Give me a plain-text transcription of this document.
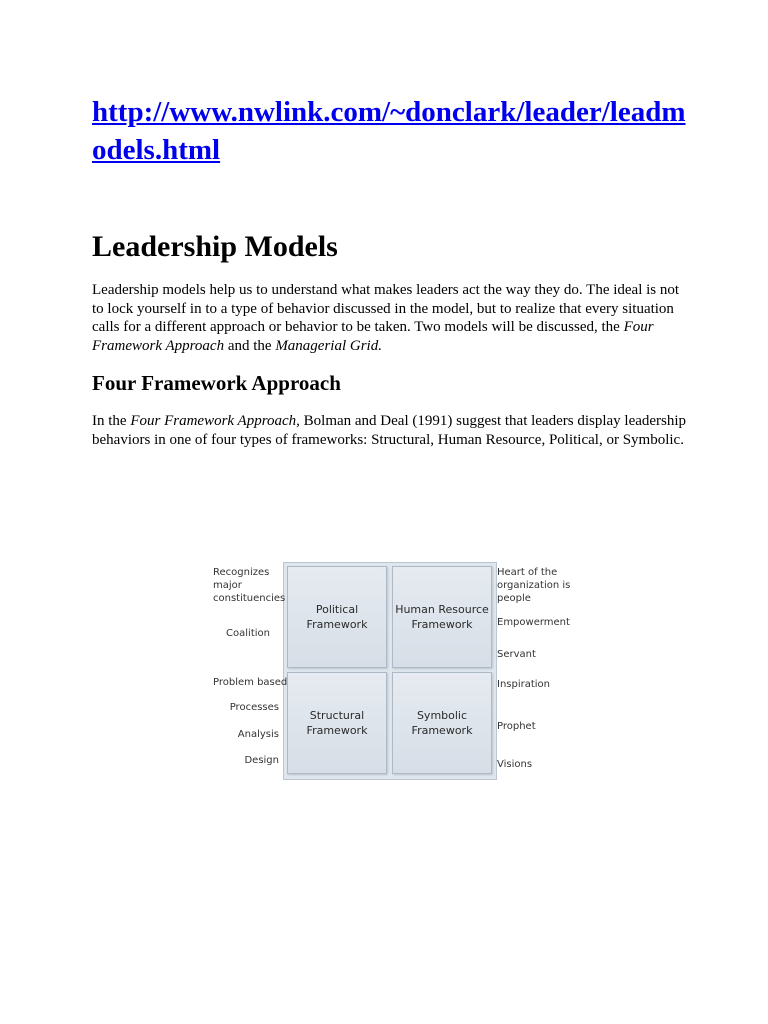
http://www.nwlink.com/~donclark/leader/leadmodels.html
Leadership Models

Leadership models help us to understand what makes leaders act the way they do. The ideal is not to lock yourself in to a type of behavior discussed in the model, but to realize that every situation calls for a different approach or behavior to be taken. Two models will be discussed, the Four Framework Approach and the Managerial Grid.

Four Framework Approach

In the Four Framework Approach, Bolman and Deal (1991) suggest that leaders display leadership behaviors in one of four types of frameworks: Structural, Human Resource, Political, or Symbolic.

Political
Framework
Human Resource
Framework
Structural
Framework
Symbolic
Framework
Recognizes
major
constituencies
Coalition
Problem based
Processes
Analysis
Design
Heart of the
organization is
people
Empowerment
Servant
Inspiration
Prophet
Visions
